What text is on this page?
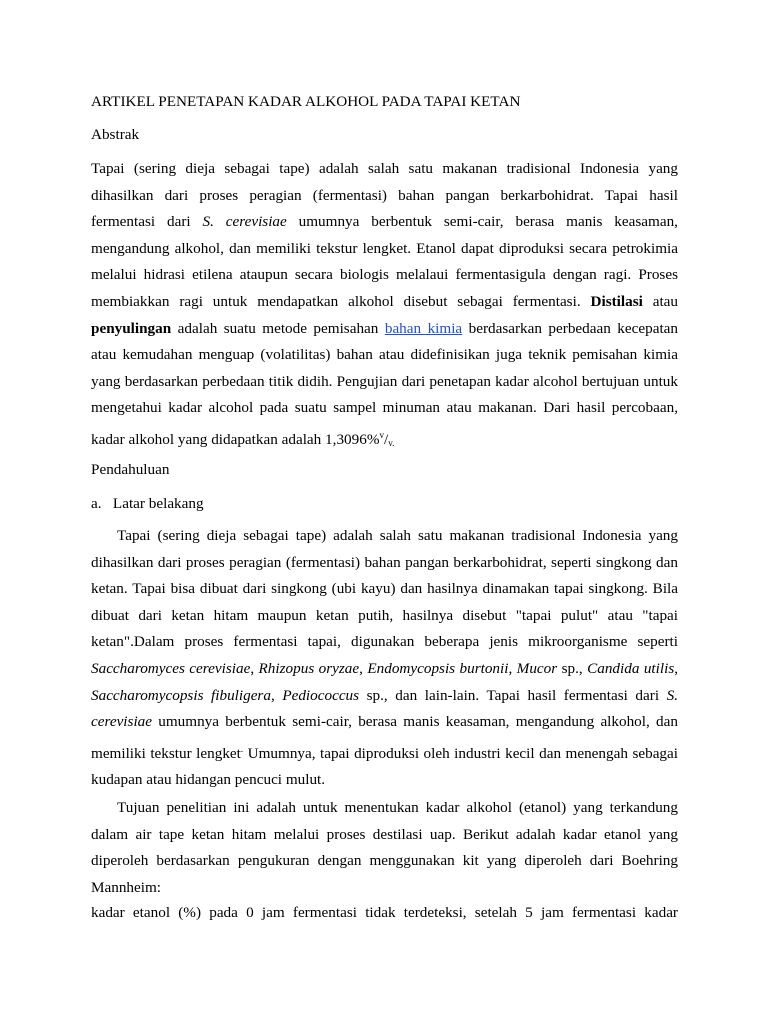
ARTIKEL PENETAPAN KADAR ALKOHOL PADA TAPAI KETAN
Abstrak

Tapai (sering dieja sebagai tape) adalah salah satu makanan tradisional Indonesia yang dihasilkan dari proses peragian (fermentasi) bahan pangan berkarbohidrat. Tapai hasil fermentasi dari S. cerevisiae umumnya berbentuk semi-cair, berasa manis keasaman, mengandung alkohol, dan memiliki tekstur lengket. Etanol dapat diproduksi secara petrokimia melalui hidrasi etilena ataupun secara biologis melalaui fermentasigula dengan ragi. Proses membiakkan ragi untuk mendapatkan alkohol disebut sebagai fermentasi. Distilasi atau penyulingan adalah suatu metode pemisahan bahan kimia berdasarkan perbedaan kecepatan atau kemudahan menguap (volatilitas) bahan atau didefinisikan juga teknik pemisahan kimia yang berdasarkan perbedaan titik didih. Pengujian dari penetapan kadar alcohol bertujuan untuk mengetahui kadar alcohol pada suatu sampel minuman atau makanan. Dari hasil percobaan, kadar alkohol yang didapatkan adalah $1,3096\%^v/_{v.}$

Pendahuluan
a.   Latar belakang

Tapai (sering dieja sebagai tape) adalah salah satu makanan tradisional Indonesia yang dihasilkan dari proses peragian (fermentasi) bahan pangan berkarbohidrat, seperti singkong dan ketan. Tapai bisa dibuat dari singkong (ubi kayu) dan hasilnya dinamakan tapai singkong. Bila dibuat dari ketan hitam maupun ketan putih, hasilnya disebut "tapai pulut" atau "tapai ketan".Dalam proses fermentasi tapai, digunakan beberapa jenis mikroorganisme seperti Saccharomyces cerevisiae, Rhizopus oryzae, Endomycopsis burtonii, Mucor sp., Candida utilis, Saccharomycopsis fibuligera, Pediococcus sp., dan lain-lain. Tapai hasil fermentasi dari S. cerevisiae umumnya berbentuk semi-cair, berasa manis keasaman, mengandung alkohol, dan memiliki tekstur lengket. Umumnya, tapai diproduksi oleh industri kecil dan menengah sebagai kudapan atau hidangan pencuci mulut.

Tujuan penelitian ini adalah untuk menentukan kadar alkohol (etanol) yang terkandung dalam air tape ketan hitam melalui proses destilasi uap. Berikut adalah kadar etanol yang diperoleh berdasarkan pengukuran dengan menggunakan kit yang diperoleh dari Boehring Mannheim:

kadar etanol (%) pada 0 jam fermentasi tidak terdeteksi, setelah 5 jam fermentasi kadar
